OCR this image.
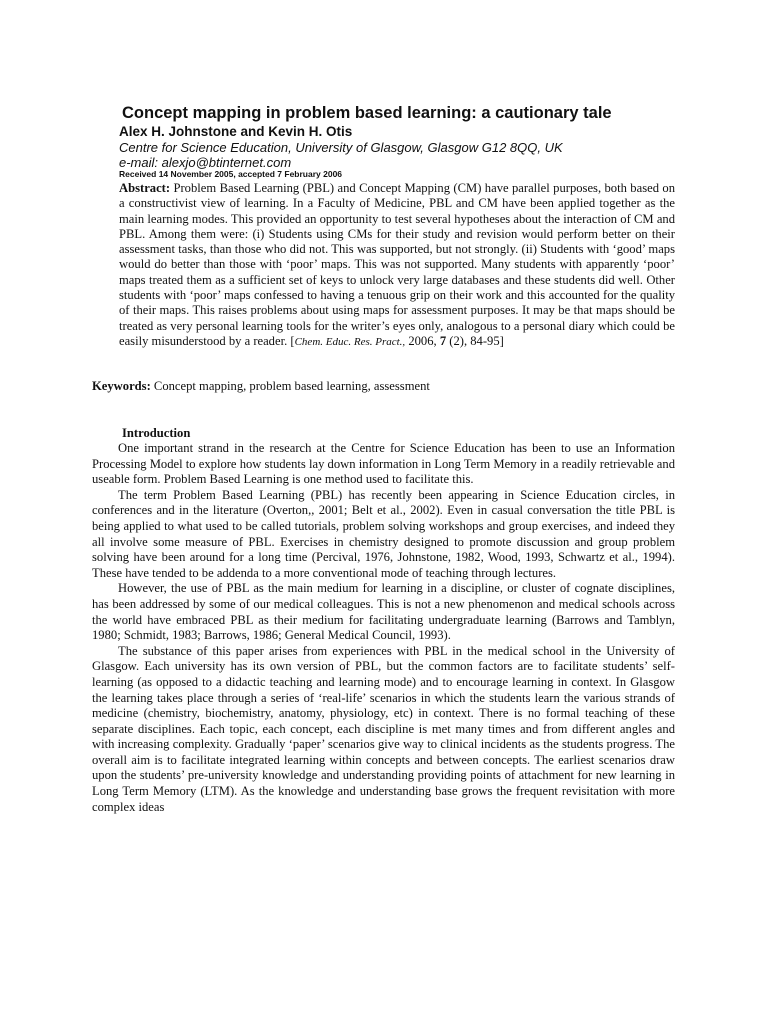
Concept mapping in problem based learning: a cautionary tale
Alex H. Johnstone and Kevin H. Otis
Centre for Science Education, University of Glasgow, Glasgow G12 8QQ, UK
e-mail: alexjo@btinternet.com
Received 14 November 2005, accepted 7 February 2006

Abstract: Problem Based Learning (PBL) and Concept Mapping (CM) have parallel purposes, both based on a constructivist view of learning. In a Faculty of Medicine, PBL and CM have been applied together as the main learning modes. This provided an opportunity to test several hypotheses about the interaction of CM and PBL. Among them were: (i) Students using CMs for their study and revision would perform better on their assessment tasks, than those who did not. This was supported, but not strongly. (ii) Students with ‘good’ maps would do better than those with ‘poor’ maps. This was not supported. Many students with apparently ‘poor’ maps treated them as a sufficient set of keys to unlock very large databases and these students did well. Other students with ‘poor’ maps confessed to having a tenuous grip on their work and this accounted for the quality of their maps. This raises problems about using maps for assessment purposes. It may be that maps should be treated as very personal learning tools for the writer’s eyes only, analogous to a personal diary which could be easily misunderstood by a reader. [Chem. Educ. Res. Pract., 2006, 7 (2), 84-95]

Keywords: Concept mapping, problem based learning, assessment

Introduction

One important strand in the research at the Centre for Science Education has been to use an Information Processing Model to explore how students lay down information in Long Term Memory in a readily retrievable and useable form. Problem Based Learning is one method used to facilitate this.

The term Problem Based Learning (PBL) has recently been appearing in Science Education circles, in conferences and in the literature (Overton,, 2001; Belt et al., 2002). Even in casual conversation the title PBL is being applied to what used to be called tutorials, problem solving workshops and group exercises, and indeed they all involve some measure of PBL. Exercises in chemistry designed to promote discussion and group problem solving have been around for a long time (Percival, 1976, Johnstone, 1982, Wood, 1993, Schwartz et al., 1994). These have tended to be addenda to a more conventional mode of teaching through lectures.

However, the use of PBL as the main medium for learning in a discipline, or cluster of cognate disciplines, has been addressed by some of our medical colleagues. This is not a new phenomenon and medical schools across the world have embraced PBL as their medium for facilitating undergraduate learning (Barrows and Tamblyn, 1980; Schmidt, 1983; Barrows, 1986; General Medical Council, 1993).

The substance of this paper arises from experiences with PBL in the medical school in the University of Glasgow. Each university has its own version of PBL, but the common factors are to facilitate students’ self-learning (as opposed to a didactic teaching and learning mode) and to encourage learning in context. In Glasgow the learning takes place through a series of ‘real-life’ scenarios in which the students learn the various strands of medicine (chemistry, biochemistry, anatomy, physiology, etc) in context. There is no formal teaching of these separate disciplines. Each topic, each concept, each discipline is met many times and from different angles and with increasing complexity. Gradually ‘paper’ scenarios give way to clinical incidents as the students progress. The overall aim is to facilitate integrated learning within concepts and between concepts. The earliest scenarios draw upon the students’ pre-university knowledge and understanding providing points of attachment for new learning in Long Term Memory (LTM). As the knowledge and understanding base grows the frequent revisitation with more complex ideas
